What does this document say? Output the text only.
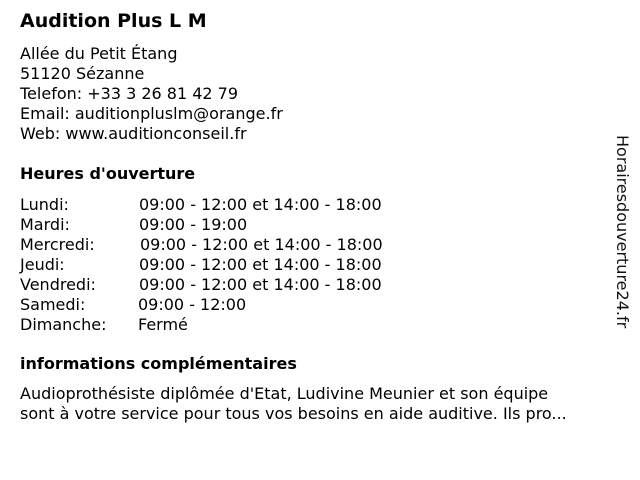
Audition Plus L M
Allée du Petit Étang
51120 Sézanne
Telefon: +33 3 26 81 42 79
Email: auditionpluslm@orange.fr
Web: www.auditionconseil.fr
Heures d'ouverture
Lundi:	09:00 - 12:00 et 14:00 - 18:00
Mardi:	09:00 - 19:00
Mercredi:	09:00 - 12:00 et 14:00 - 18:00
Jeudi:	09:00 - 12:00 et 14:00 - 18:00
Vendredi:	09:00 - 12:00 et 14:00 - 18:00
Samedi:	09:00 - 12:00
Dimanche: Fermé
informations complémentaires
Audioprothésiste diplômée d'Etat, Ludivine Meunier et son équipe
sont à votre service pour tous vos besoins en aide auditive. Ils pro...
Horairesdouverture24.fr
